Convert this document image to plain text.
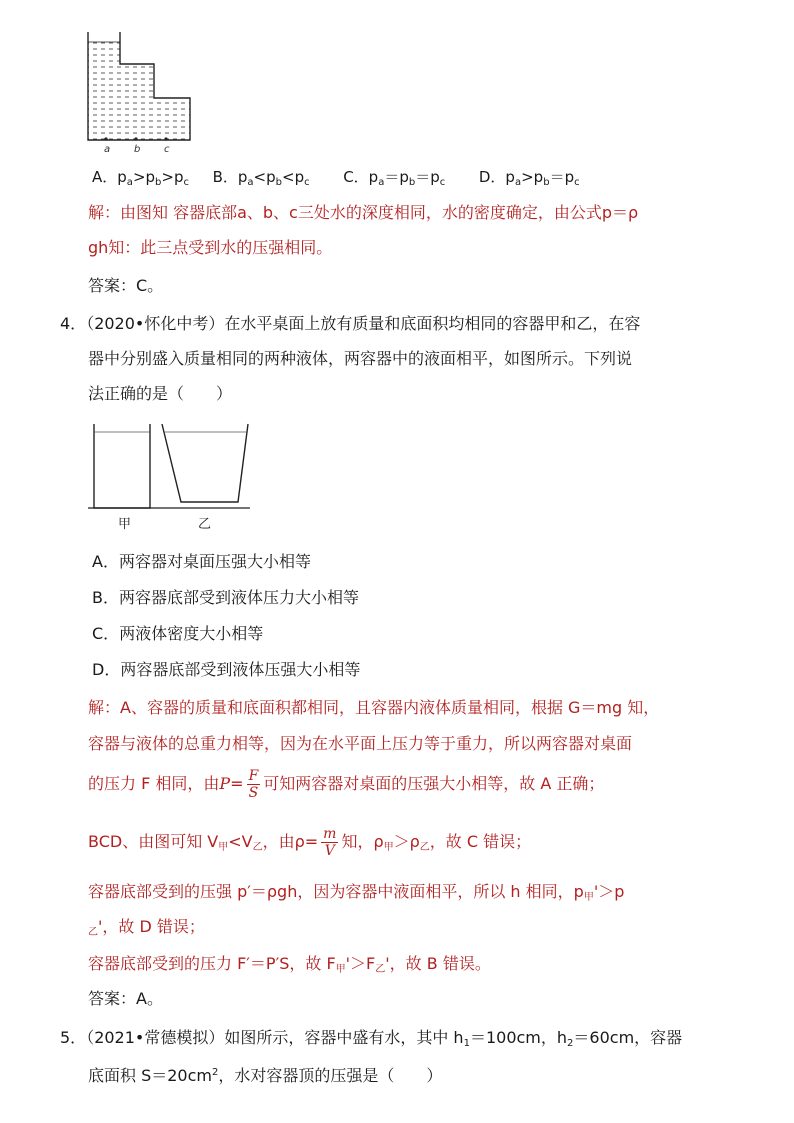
a b c
A．$p_a>p_b>p_c$ B．$p_a<p_b<p_c$ C．$p_a=p_b=p_c$ D．$p_a>p_b=p_c$
解：由图知 容器底部a、b、c三处水的深度相同，水的密度确定，由公式p＝ρ
gh知：此三点受到水的压强相同。
答案：C。
4．（2020•怀化中考）在水平桌面上放有质量和底面积均相同的容器甲和乙，在容
器中分别盛入质量相同的两种液体，两容器中的液面相平，如图所示。下列说
法正确的是（　　）
甲	乙
A．两容器对桌面压强大小相等
B．两容器底部受到液体压力大小相等
C．两液体密度大小相等
D．两容器底部受到液体压强大小相等
解：A、容器的质量和底面积都相同，且容器内液体质量相同，根据 G＝mg 知，
容器与液体的总重力相等，因为在水平面上压力等于重力，所以两容器对桌面
的压力 F 相同，由$P= \frac{F}{S}$ 可知两容器对桌面的压强大小相等，故 A 正确；
BCD、由图可知 $V_甲<V_乙$，由$\rho= \frac{m}{V}$ 知，$\rho_甲>\rho_乙$，故 C 错误；
容器底部受到的压强 p′＝ρgh，因为容器中液面相平，所以 h 相同，$p_甲'>p$
$_乙$'，故 D 错误；
容器底部受到的压力 F′＝P′S，故 $F_甲'>F_乙'$，故 B 错误。
答案：A。
5．（2021•常德模拟）如图所示，容器中盛有水，其中 $h_1=100cm$，$h_2=60cm$，容器
底面积 $S=20cm^2$，水对容器顶的压强是（　　）
